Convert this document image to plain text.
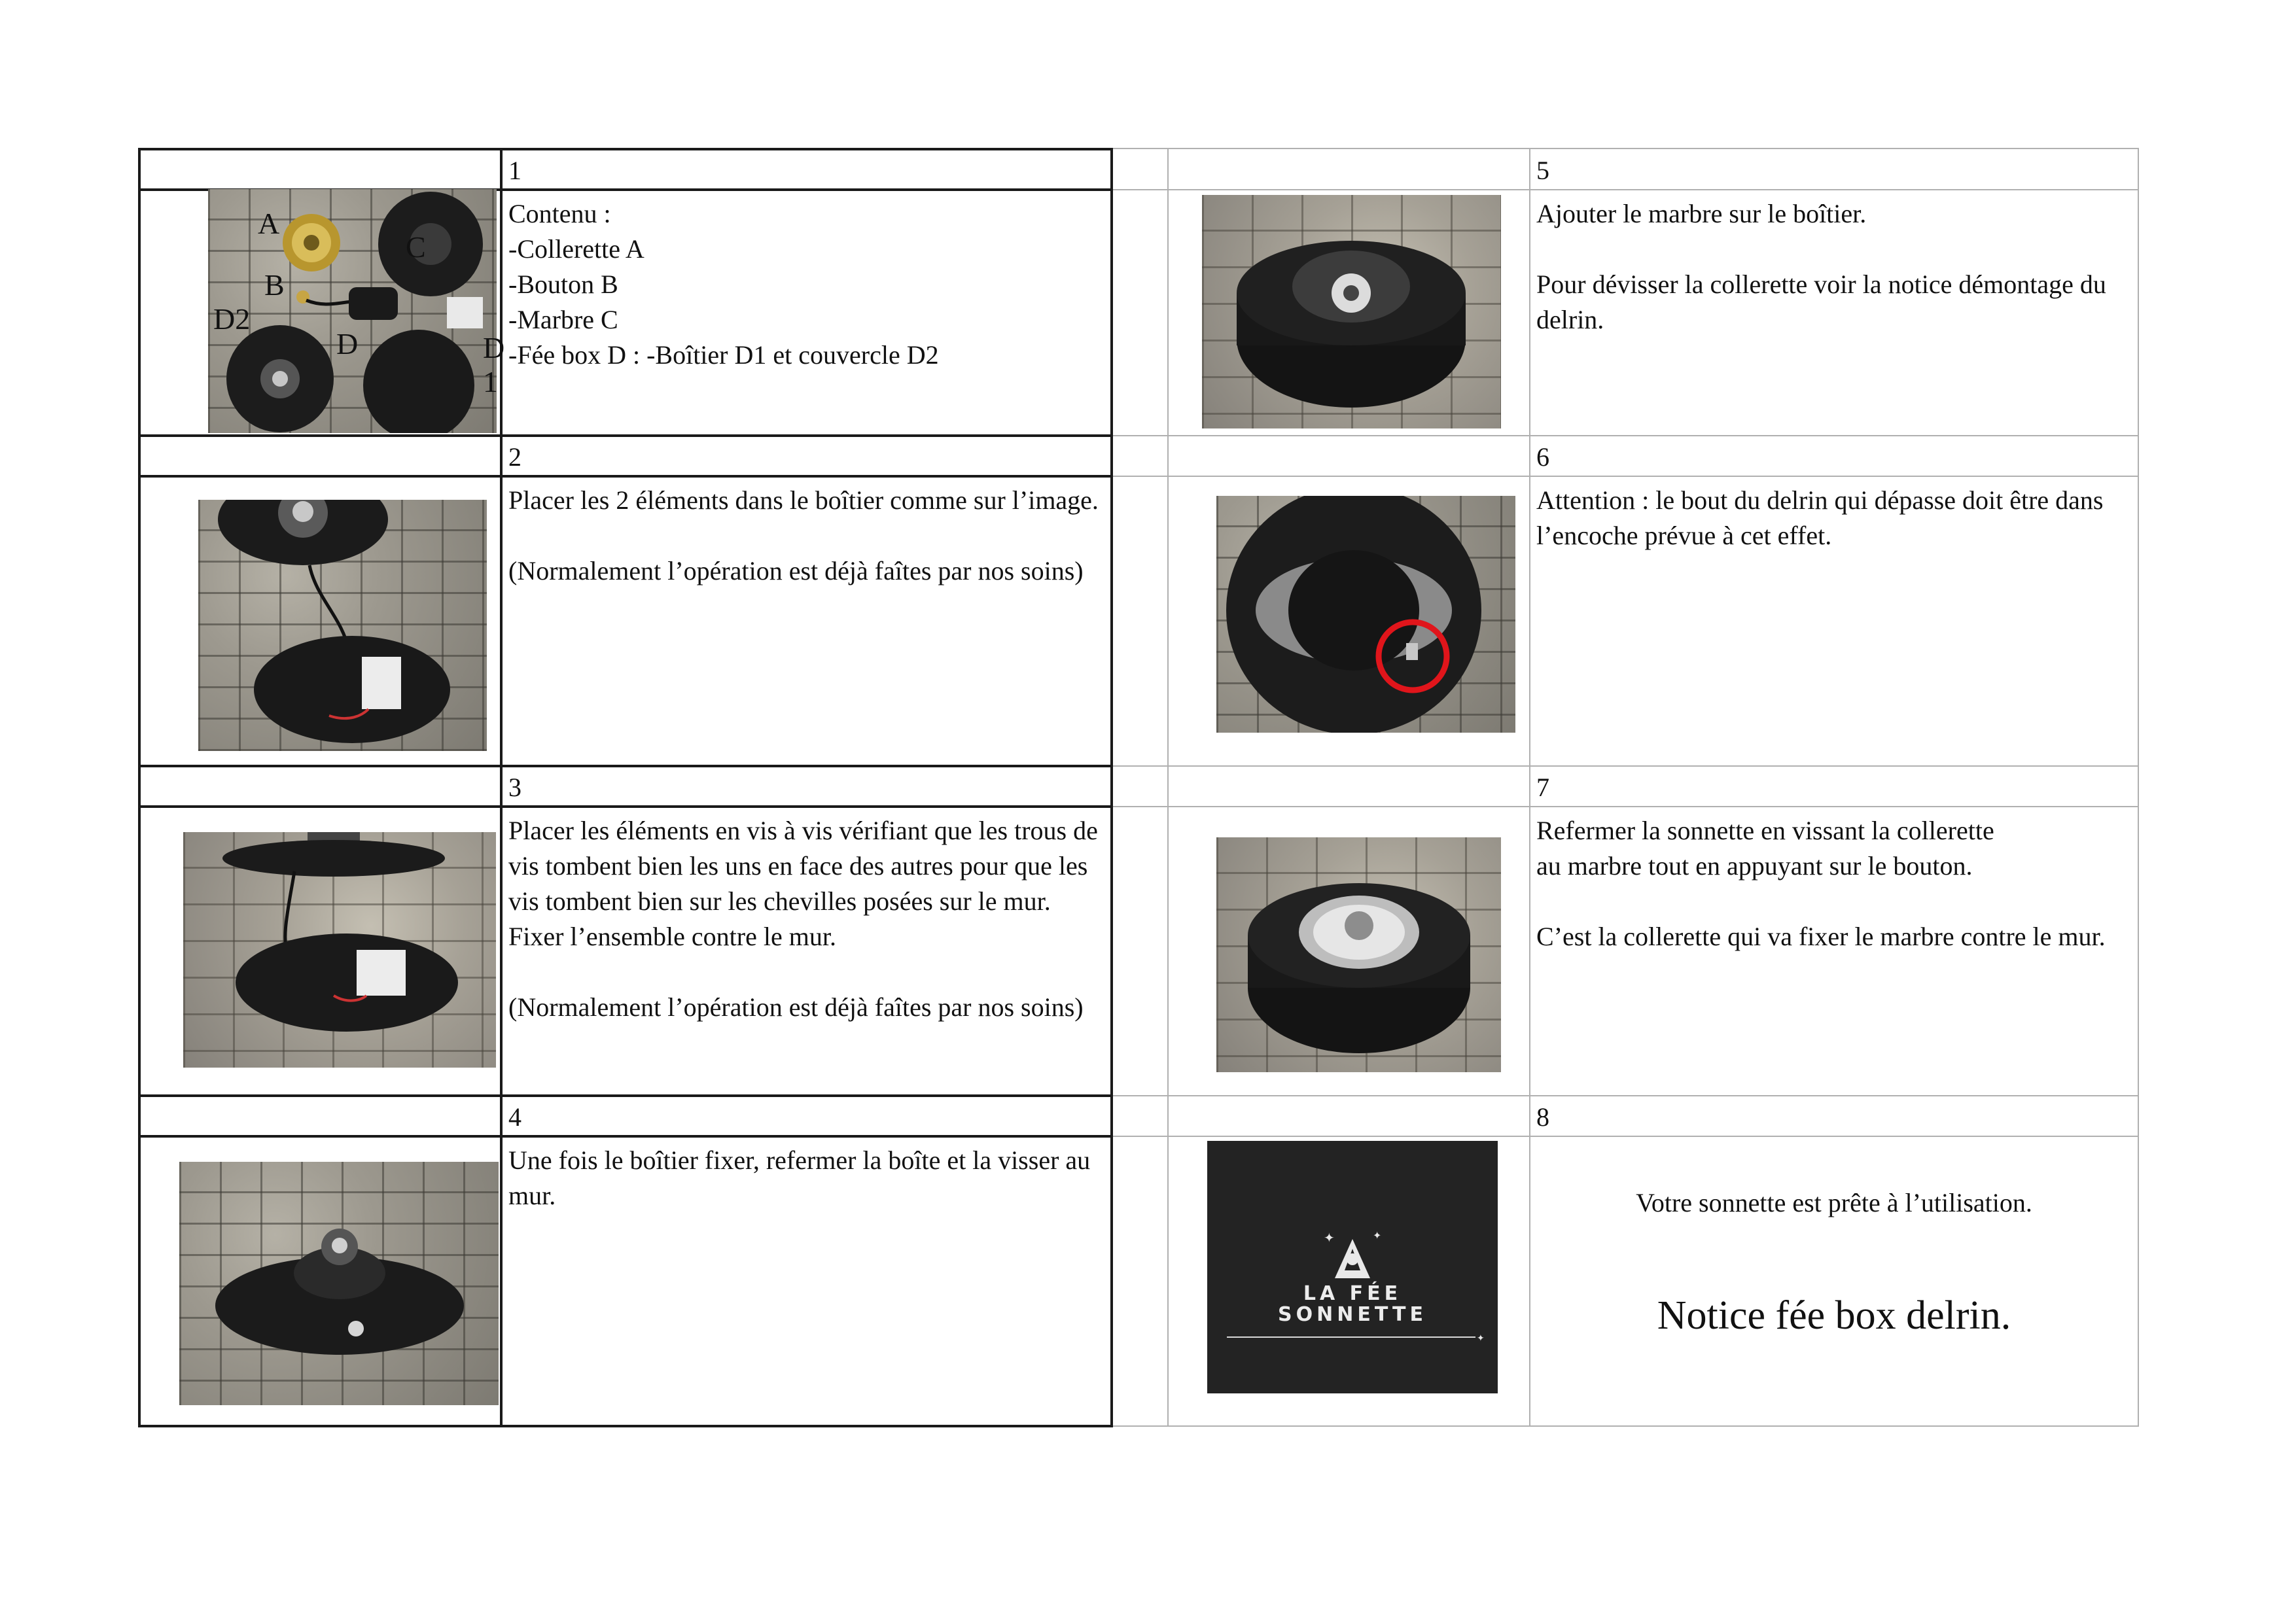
1
Contenu :
-Collerette A
-Bouton B
-Marbre C
-Fée box D : -Boîtier D1 et couvercle D2
A
B
C
D2
D	D
1
2
Placer les 2 éléments dans le boîtier comme sur l’image.

(Normalement l’opération est déjà faîtes par nos soins)
3
Placer les éléments en vis à vis vérifiant que les trous de vis tombent bien les uns en face des autres pour que les vis tombent bien sur les chevilles posées sur le mur.
Fixer l’ensemble contre le mur.

(Normalement l’opération est déjà faîtes par nos soins)
4
Une fois le boîtier fixer, refermer la boîte et la visser au mur.
5
Ajouter le marbre sur le boîtier.

Pour dévisser la collerette voir la notice démontage du delrin.
6
Attention : le bout du delrin qui dépasse doit être dans l’encoche prévue à cet effet.
7
Refermer la sonnette en vissant la collerette
au marbre tout en appuyant sur le bouton.

C’est la collerette qui va fixer le marbre contre le mur.
8
Votre sonnette est prête à l’utilisation.
Notice fée box delrin.
✦	✦
✦
LA FÉE
SONNETTE
